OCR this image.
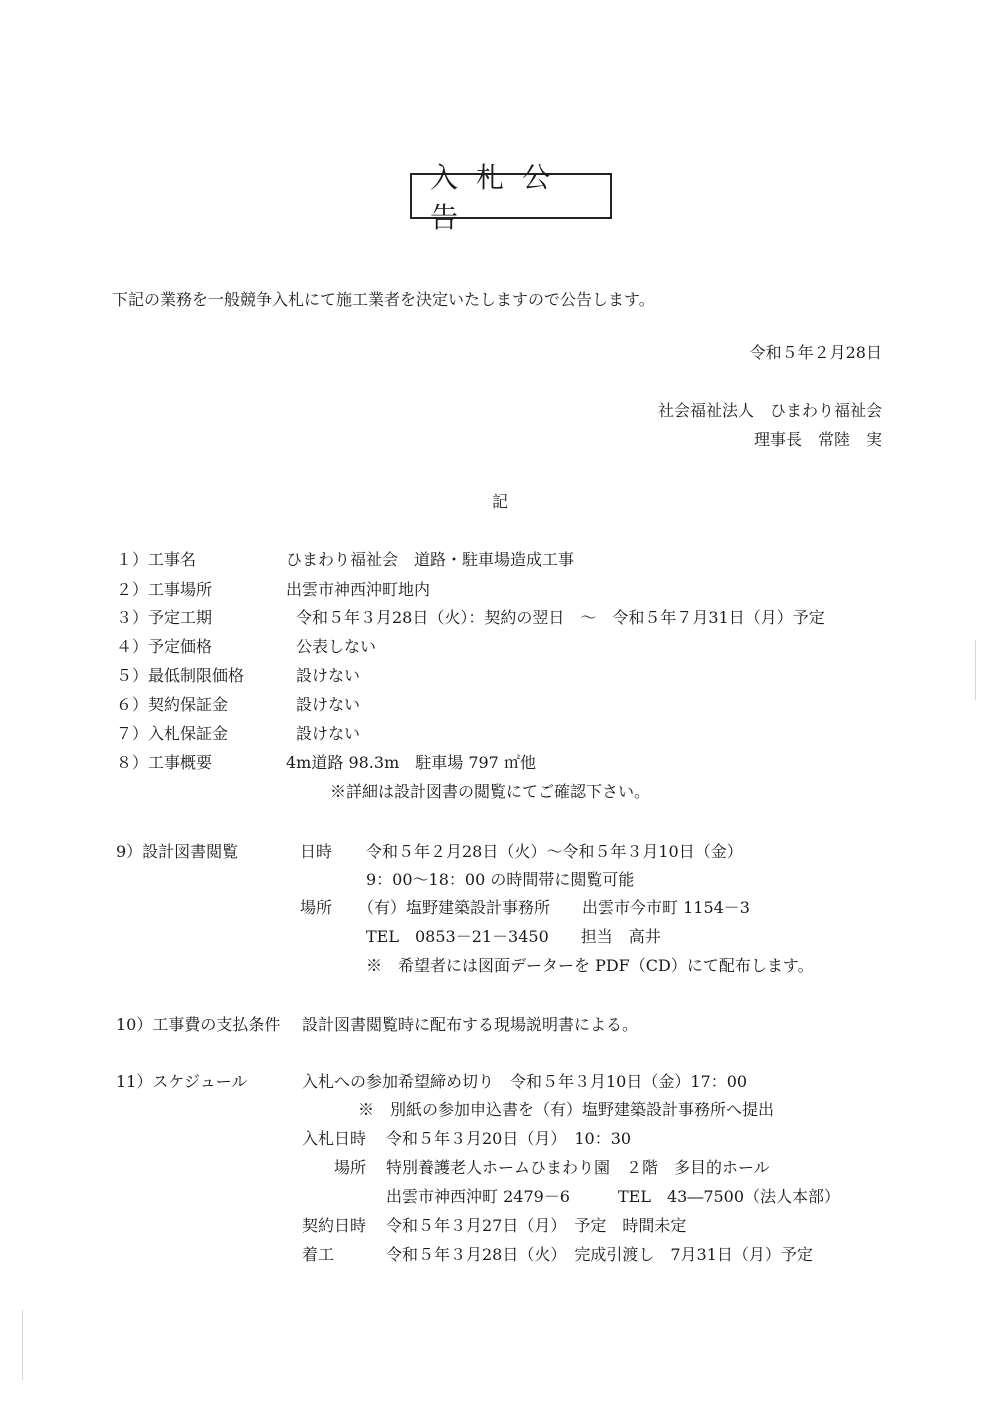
入札公告
下記の業務を一般競争入札にて施工業者を決定いたしますので公告します。
令和５年２月28日
社会福祉法人　ひまわり福祉会
理事長　常陸　実
記
１）工事名	ひまわり福祉会　道路・駐車場造成工事
２）工事場所	出雲市神西沖町地内
３）予定工期	令和５年３月28日（火）：契約の翌日　～　令和５年７月31日（月）予定
４）予定価格	公表しない
５）最低制限価格	設けない
６）契約保証金	設けない
７）入札保証金	設けない
８）工事概要	4m道路 98.3m　駐車場 797 ㎡他
※詳細は設計図書の閲覧にてご確認下さい。
9）設計図書閲覧	日時 令和５年２月28日（火）～令和５年３月10日（金）
9：00～18：00 の時間帯に閲覧可能
場所 （有）塩野建築設計事務所　　出雲市今市町 1154－3
TEL　0853－21－3450　　担当　高井
※　希望者には図面データーを PDF（CD）にて配布します。
10）工事費の支払条件 設計図書閲覧時に配布する現場説明書による。
11）スケジュール	入札への参加希望締め切り　令和５年３月10日（金）17：00
※　別紙の参加申込書を（有）塩野建築設計事務所へ提出
入札日時 令和５年３月20日（月）　10：30
場所 特別養護老人ホームひまわり園　２階　多目的ホール
出雲市神西沖町 2479－6　　　TEL　43―7500（法人本部）
契約日時 令和５年３月27日（月）　予定　時間未定
着工	令和５年３月28日（火）　完成引渡し　7月31日（月）予定
